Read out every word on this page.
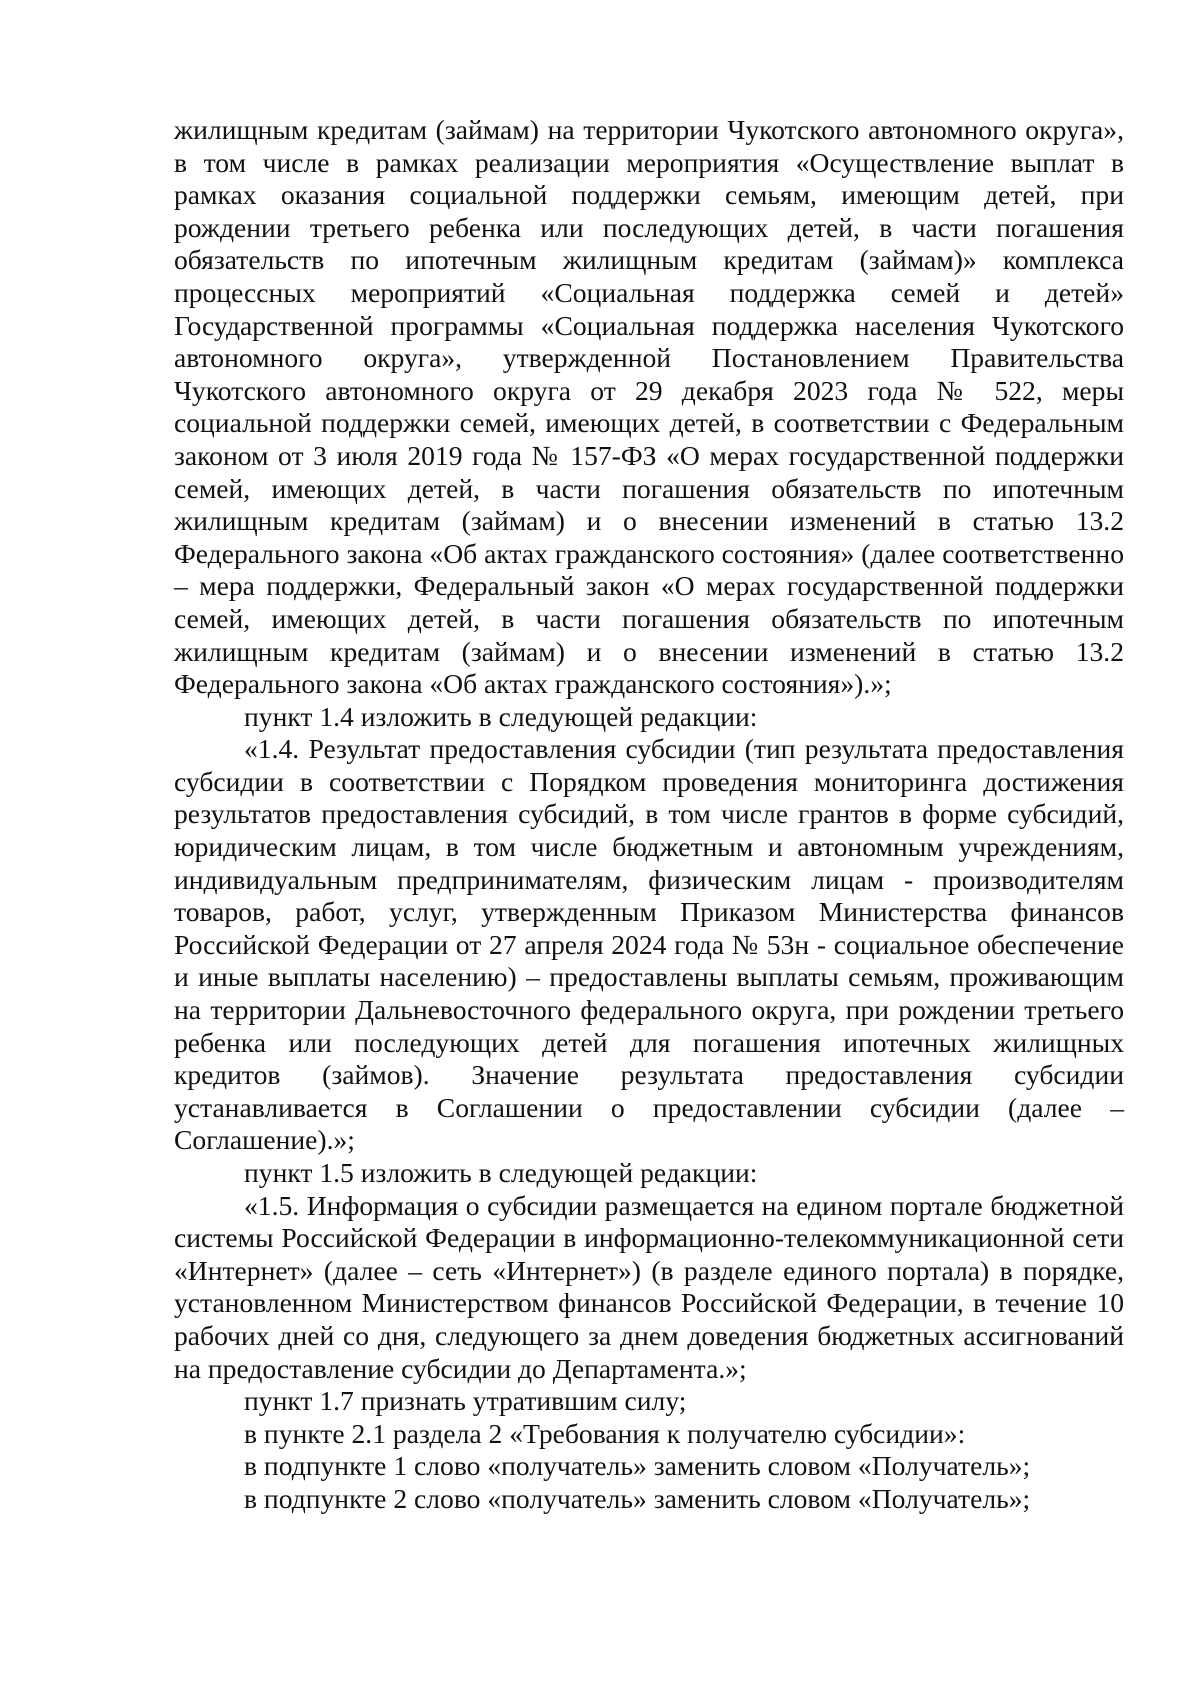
жилищным кредитам (займам) на территории Чукотского автономного округа», в том числе в рамках реализации мероприятия «Осуществление выплат в рамках оказания социальной поддержки семьям, имеющим детей, при рождении третьего ребенка или последующих детей, в части погашения обязательств по ипотечным жилищным кредитам (займам)» комплекса процессных мероприятий «Социальная поддержка семей и детей» Государственной программы «Социальная поддержка населения Чукотского автономного округа», утвержденной Постановлением Правительства Чукотского автономного округа от 29 декабря 2023 года № 522, меры социальной поддержки семей, имеющих детей, в соответствии с Федеральным законом от 3 июля 2019 года № 157-ФЗ «О мерах государственной поддержки семей, имеющих детей, в части погашения обязательств по ипотечным жилищным кредитам (займам) и о внесении изменений в статью 13.2 Федерального закона «Об актах гражданского состояния» (далее соответственно – мера поддержки, Федеральный закон «О мерах государственной поддержки семей, имеющих детей, в части погашения обязательств по ипотечным жилищным кредитам (займам) и о внесении изменений в статью 13.2 Федерального закона «Об актах гражданского состояния»).»;

пункт 1.4 изложить в следующей редакции:

«1.4. Результат предоставления субсидии (тип результата предоставления субсидии в соответствии с Порядком проведения мониторинга достижения результатов предоставления субсидий, в том числе грантов в форме субсидий, юридическим лицам, в том числе бюджетным и автономным учреждениям, индивидуальным предпринимателям, физическим лицам - производителям товаров, работ, услуг, утвержденным Приказом Министерства финансов Российской Федерации от 27 апреля 2024 года № 53н - социальное обеспечение и иные выплаты населению) – предоставлены выплаты семьям, проживающим на территории Дальневосточного федерального округа, при рождении третьего ребенка или последующих детей для погашения ипотечных жилищных кредитов (займов). Значение результата предоставления субсидии устанавливается в Соглашении о предоставлении субсидии (далее – Соглашение).»;

пункт 1.5 изложить в следующей редакции:

«1.5. Информация о субсидии размещается на едином портале бюджетной системы Российской Федерации в информационно-телекоммуникационной сети «Интернет» (далее – сеть «Интернет») (в разделе единого портала) в порядке, установленном Министерством финансов Российской Федерации, в течение 10 рабочих дней со дня, следующего за днем доведения бюджетных ассигнований на предоставление субсидии до Департамента.»;

пункт 1.7 признать утратившим силу;

в пункте 2.1 раздела 2 «Требования к получателю субсидии»:

в подпункте 1 слово «получатель» заменить словом «Получатель»;

в подпункте 2 слово «получатель» заменить словом «Получатель»;
